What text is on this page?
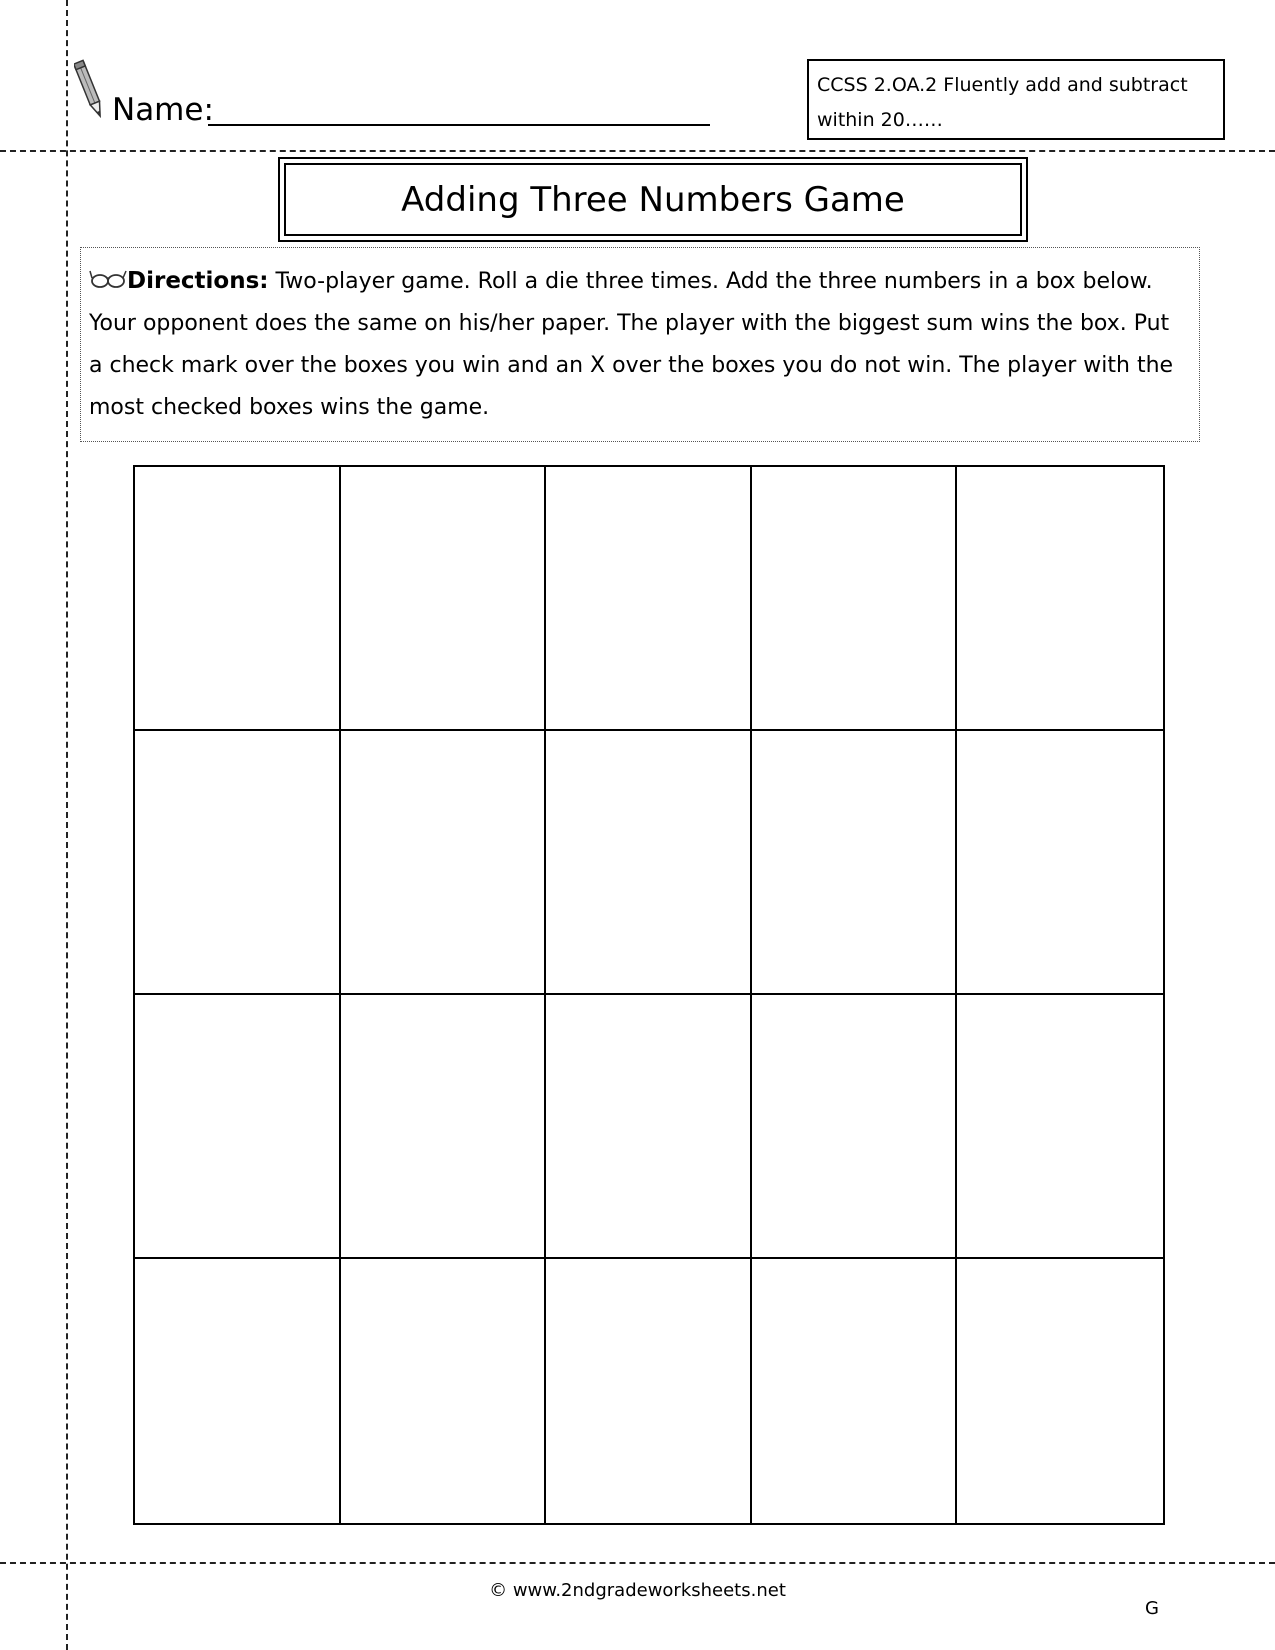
Name:
CCSS 2.OA.2 Fluently add and subtract within 20……
Adding Three Numbers Game
Directions: Two-player game. Roll a die three times. Add the three numbers in a box below. Your opponent does the same on his/her paper. The player with the biggest sum wins the box. Put a check mark over the boxes you win and an X over the boxes you do not win. The player with the most checked boxes wins the game.
© www.2ndgradeworksheets.net
G
